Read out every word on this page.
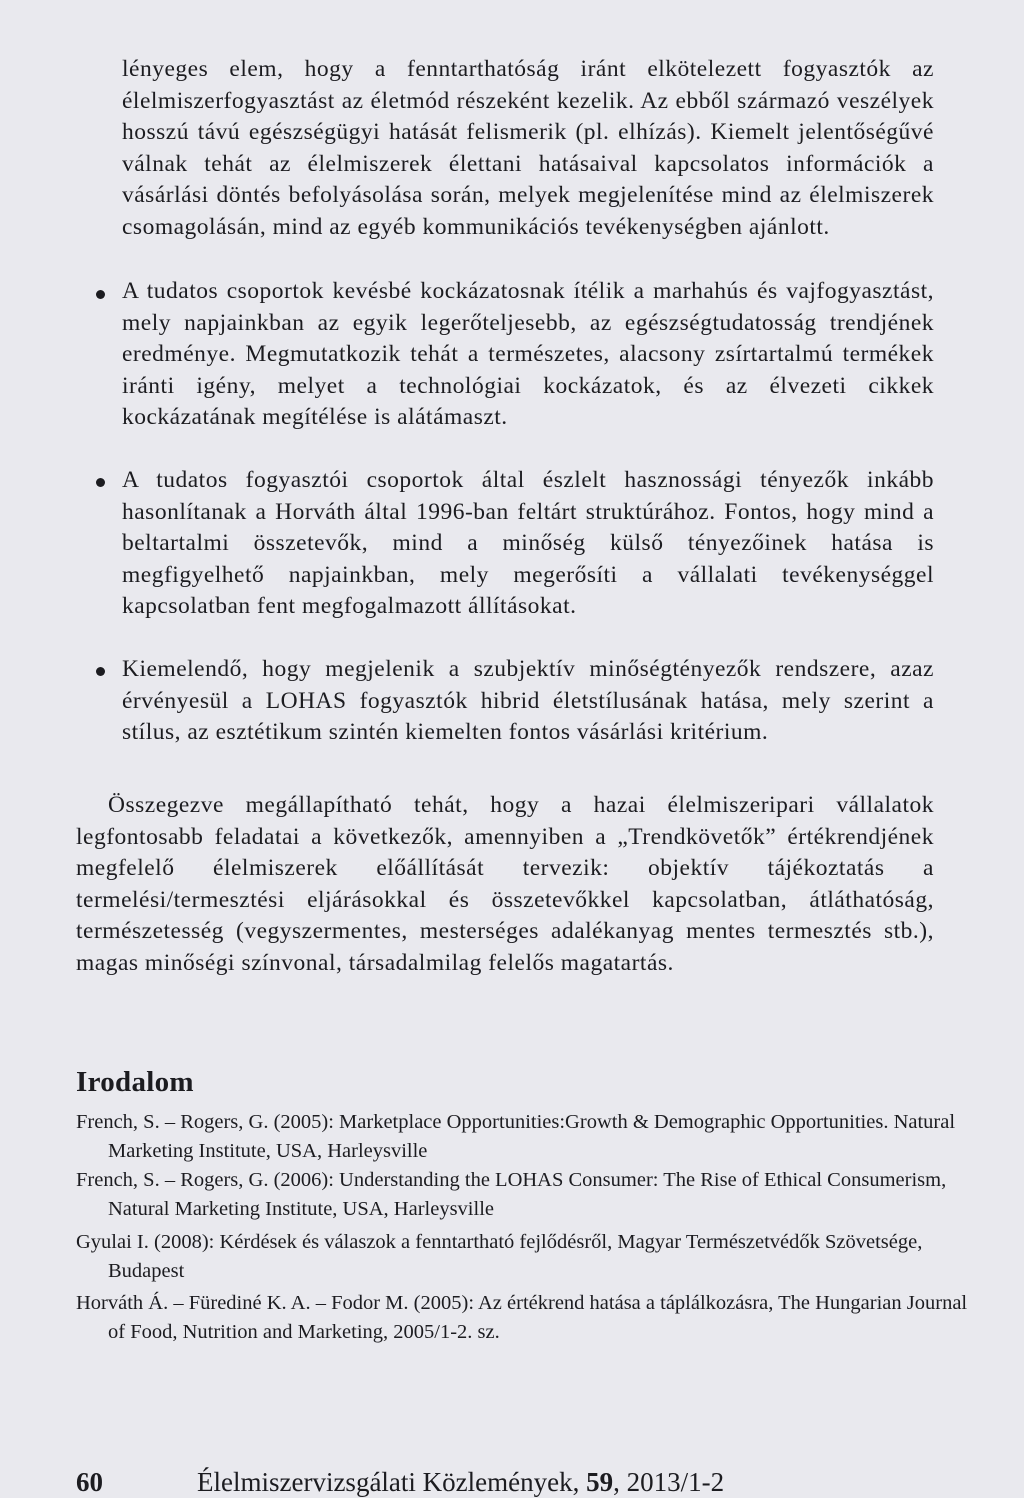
lényeges elem, hogy a fenntarthatóság iránt elkötelezett fogyasztók az élelmiszerfogyasztást az életmód részeként kezelik. Az ebből származó veszélyek hosszú távú egészségügyi hatását felismerik (pl. elhízás). Kiemelt jelentőségűvé válnak tehát az élelmiszerek élettani hatásaival kapcsolatos információk a vásárlási döntés befolyásolása során, melyek megjelenítése mind az élelmiszerek csomagolásán, mind az egyéb kommunikációs tevékenységben ajánlott.

A tudatos csoportok kevésbé kockázatosnak ítélik a marhahús és vajfogyasztást, mely napjainkban az egyik legerőteljesebb, az egészségtudatosság trendjének eredménye. Megmutatkozik tehát a természetes, alacsony zsírtartalmú termékek iránti igény, melyet a technológiai kockázatok, és az élvezeti cikkek kockázatának megítélése is alátámaszt.

A tudatos fogyasztói csoportok által észlelt hasznossági tényezők inkább hasonlítanak a Horváth által 1996-ban feltárt struktúrához. Fontos, hogy mind a beltartalmi összetevők, mind a minőség külső tényezőinek hatása is megfigyelhető napjainkban, mely megerősíti a vállalati tevékenységgel kapcsolatban fent megfogalmazott állításokat.

Kiemelendő, hogy megjelenik a szubjektív minőségtényezők rendszere, azaz érvényesül a LOHAS fogyasztók hibrid életstílusának hatása, mely szerint a stílus, az esztétikum szintén kiemelten fontos vásárlási kritérium.

Összegezve megállapítható tehát, hogy a hazai élelmiszeripari vállalatok legfontosabb feladatai a következők, amennyiben a „Trendkövetők” értékrendjének megfelelő élelmiszerek előállítását tervezik: objektív tájékoztatás a termelési/termesztési eljárásokkal és összetevőkkel kapcsolatban, átláthatóság, természetesség (vegyszermentes, mesterséges adalékanyag mentes termesztés stb.), magas minőségi színvonal, társadalmilag felelős magatartás.

Irodalom

French, S. – Rogers, G. (2005): Marketplace Opportunities:Growth & Demographic Opportunities. Natural Marketing Institute, USA, Harleysville

French, S. – Rogers, G. (2006): Understanding the LOHAS Consumer: The Rise of Ethical Consumerism, Natural Marketing Institute, USA, Harleysville

Gyulai I. (2008): Kérdések és válaszok a fenntartható fejlődésről, Magyar Természetvédők Szövetsége, Budapest

Horváth Á. – Fürediné K. A. – Fodor M. (2005): Az értékrend hatása a táplálkozásra, The Hungarian Journal of Food, Nutrition and Marketing, 2005/1-2. sz.

60	Élelmiszervizsgálati Közlemények, 59, 2013/1-2
